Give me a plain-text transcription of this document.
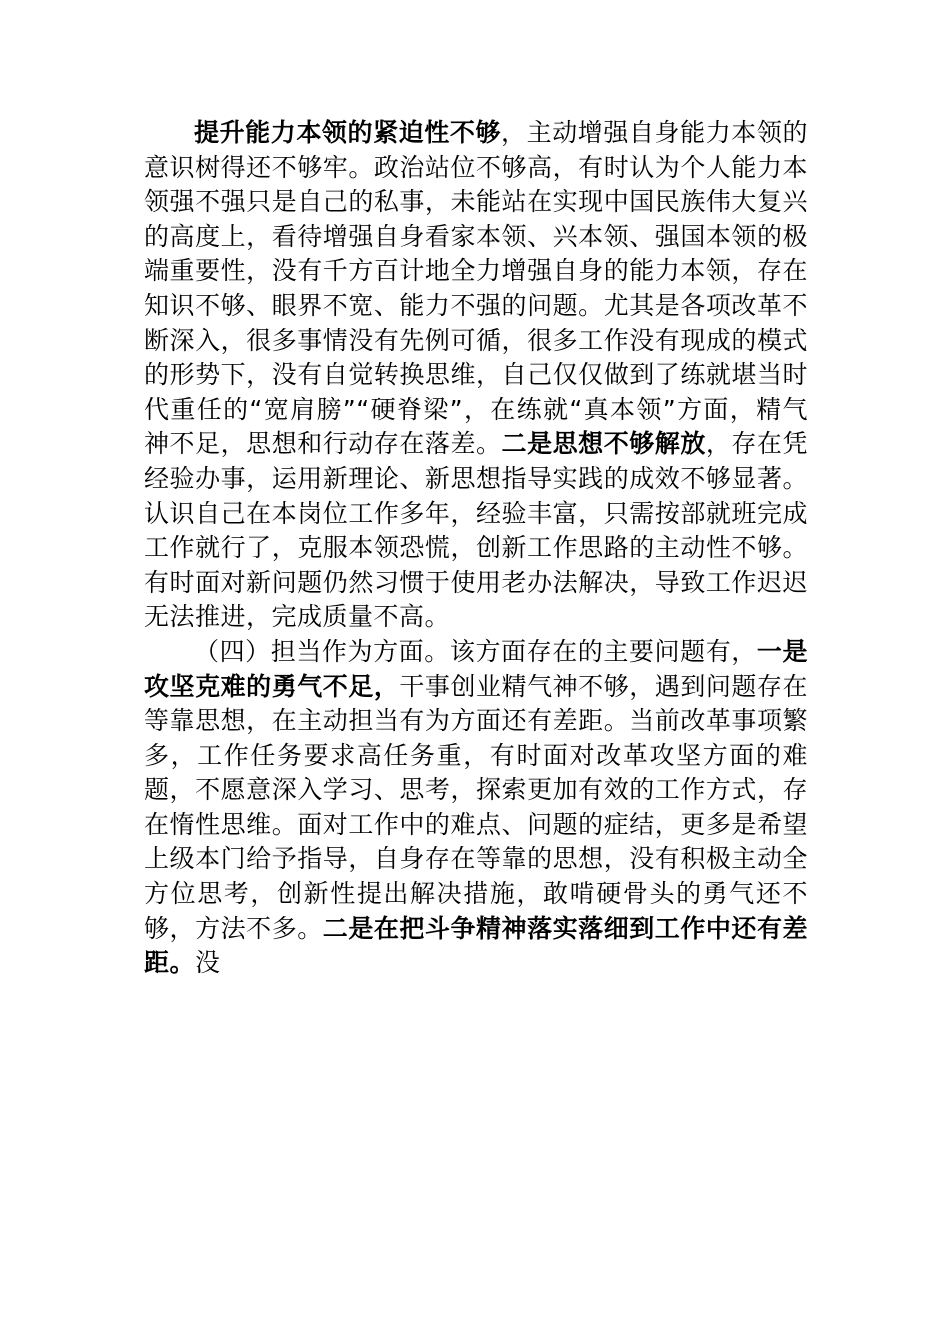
提升能力本领的紧迫性不够，主动增强自身能力本领的意识树得还不够牢。政治站位不够高，有时认为个人能力本领强不强只是自己的私事，未能站在实现中国民族伟大复兴的高度上，看待增强自身看家本领、兴本领、强国本领的极端重要性，没有千方百计地全力增强自身的能力本领，存在知识不够、眼界不宽、能力不强的问题。尤其是各项改革不断深入，很多事情没有先例可循，很多工作没有现成的模式的形势下，没有自觉转换思维，自己仅仅做到了练就堪当时代重任的“宽肩膀”“硬脊梁”，在练就“真本领”方面，精气神不足，思想和行动存在落差。二是思想不够解放，存在凭经验办事，运用新理论、新思想指导实践的成效不够显著。认识自己在本岗位工作多年，经验丰富，只需按部就班完成工作就行了，克服本领恐慌，创新工作思路的主动性不够。有时面对新问题仍然习惯于使用老办法解决，导致工作迟迟无法推进，完成质量不高。

（四）担当作为方面。该方面存在的主要问题有，一是攻坚克难的勇气不足，干事创业精气神不够，遇到问题存在等靠思想，在主动担当有为方面还有差距。当前改革事项繁多，工作任务要求高任务重，有时面对改革攻坚方面的难题，不愿意深入学习、思考，探索更加有效的工作方式，存在惰性思维。面对工作中的难点、问题的症结，更多是希望上级本门给予指导，自身存在等靠的思想，没有积极主动全方位思考，创新性提出解决措施，敢啃硬骨头的勇气还不够，方法不多。二是在把斗争精神落实落细到工作中还有差距。没
